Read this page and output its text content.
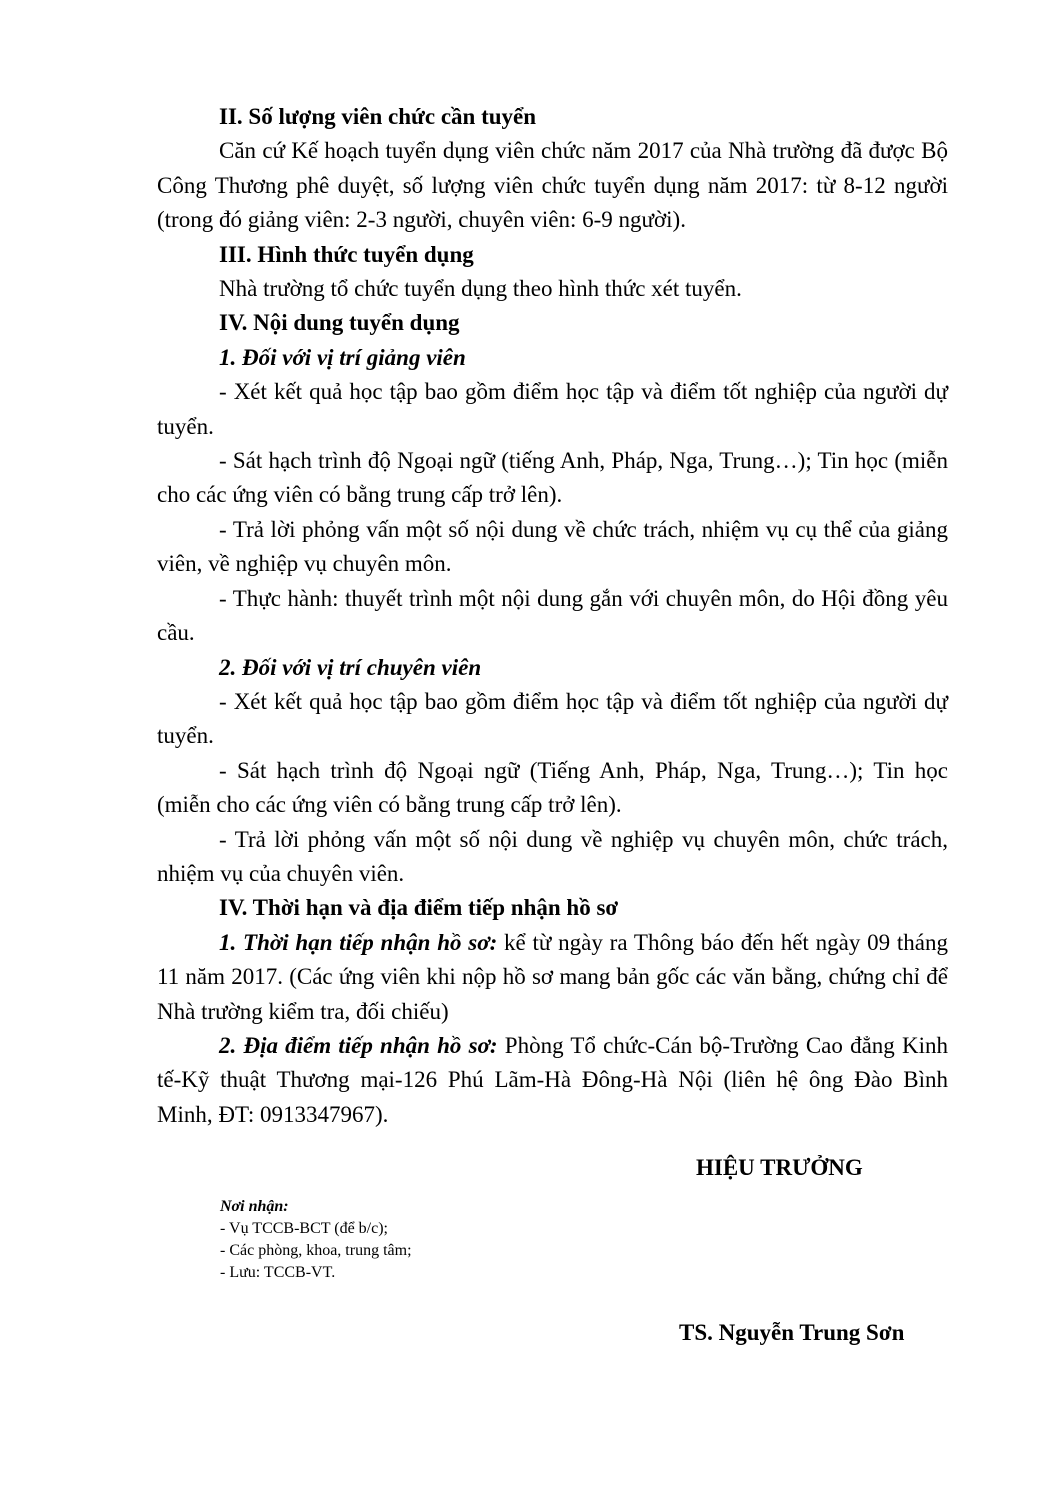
II. Số lượng viên chức cần tuyển

Căn cứ Kế hoạch tuyển dụng viên chức năm 2017 của Nhà trường đã được Bộ Công Thương phê duyệt, số lượng viên chức tuyển dụng năm 2017: từ 8-12 người (trong đó giảng viên: 2-3 người, chuyên viên: 6-9 người).

III. Hình thức tuyển dụng

Nhà trường tổ chức tuyển dụng theo hình thức xét tuyển.

IV. Nội dung tuyển dụng

1. Đối với vị trí giảng viên

- Xét kết quả học tập bao gồm điểm học tập và điểm tốt nghiệp của người dự tuyển.

- Sát hạch trình độ Ngoại ngữ (tiếng Anh, Pháp, Nga, Trung…); Tin học (miễn cho các ứng viên có bằng trung cấp trở lên).

- Trả lời phỏng vấn một số nội dung về chức trách, nhiệm vụ cụ thể của giảng viên, về nghiệp vụ chuyên môn.

- Thực hành: thuyết trình một nội dung gắn với chuyên môn, do Hội đồng yêu cầu.

2. Đối với vị trí chuyên viên

- Xét kết quả học tập bao gồm điểm học tập và điểm tốt nghiệp của người dự tuyển.

- Sát hạch trình độ Ngoại ngữ (Tiếng Anh, Pháp, Nga, Trung…); Tin học (miễn cho các ứng viên có bằng trung cấp trở lên).

- Trả lời phỏng vấn một số nội dung về nghiệp vụ chuyên môn, chức trách, nhiệm vụ của chuyên viên.

IV. Thời hạn và địa điểm tiếp nhận hồ sơ

1. Thời hạn tiếp nhận hồ sơ: kể từ ngày ra Thông báo đến hết ngày 09 tháng 11 năm 2017. (Các ứng viên khi nộp hồ sơ mang bản gốc các văn bằng, chứng chỉ để Nhà trường kiểm tra, đối chiếu)

2. Địa điểm tiếp nhận hồ sơ: Phòng Tổ chức-Cán bộ-Trường Cao đẳng Kinh tế-Kỹ thuật Thương mại-126 Phú Lãm-Hà Đông-Hà Nội (liên hệ ông Đào Bình Minh, ĐT: 0913347967).

HIỆU TRƯỞNG
Nơi nhận:
- Vụ TCCB-BCT (để b/c);
- Các phòng, khoa, trung tâm;
- Lưu: TCCB-VT.
TS. Nguyễn Trung Sơn
